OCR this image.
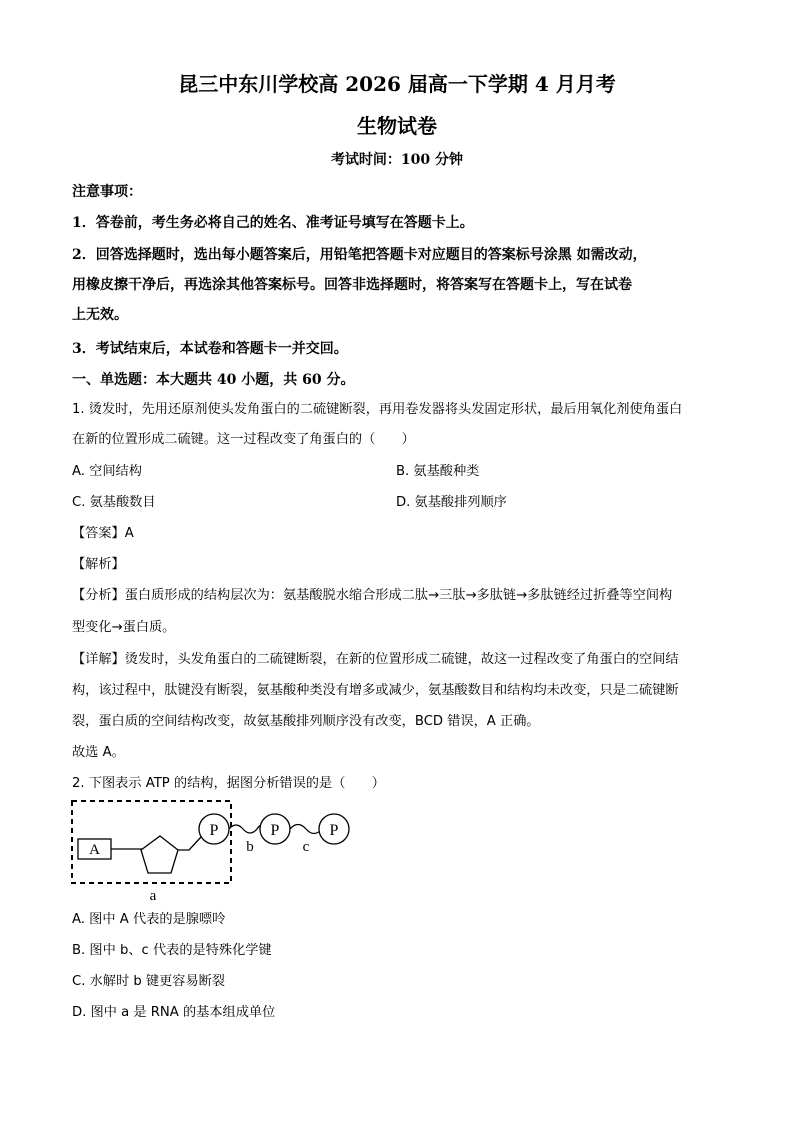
昆三中东川学校高 2026 届高一下学期 4 月月考
生物试卷
考试时间：100 分钟
注意事项：
1．答卷前，考生务必将自己的姓名、准考证号填写在答题卡上。
2．回答选择题时，选出每小题答案后，用铅笔把答题卡对应题目的答案标号涂黑 如需改动，
用橡皮擦干净后，再选涂其他答案标号。回答非选择题时，将答案写在答题卡上，写在试卷
上无效。
3．考试结束后，本试卷和答题卡一并交回。
一、单选题：本大题共 40 小题，共 60 分。
1. 烫发时，先用还原剂使头发角蛋白的二硫键断裂，再用卷发器将头发固定形状，最后用氧化剂使角蛋白
在新的位置形成二硫键。这一过程改变了角蛋白的（　　）
A. 空间结构	B. 氨基酸种类
C. 氨基酸数目	D. 氨基酸排列顺序
【答案】A
【解析】
【分析】蛋白质形成的结构层次为：氨基酸脱水缩合形成二肽→三肽→多肽链→多肽链经过折叠等空间构
型变化→蛋白质。
【详解】烫发时，头发角蛋白的二硫键断裂，在新的位置形成二硫键，故这一过程改变了角蛋白的空间结
构，该过程中，肽键没有断裂，氨基酸种类没有增多或减少，氨基酸数目和结构均未改变，只是二硫键断
裂，蛋白质的空间结构改变，故氨基酸排列顺序没有改变，BCD 错误，A 正确。
故选 A。
2. 下图表示 ATP 的结构，据图分析错误的是（　　）
A
P	P	P
b	c
a
A. 图中 A 代表的是腺嘌呤
B. 图中 b、c 代表的是特殊化学键
C. 水解时 b 键更容易断裂
D. 图中 a 是 RNA 的基本组成单位
